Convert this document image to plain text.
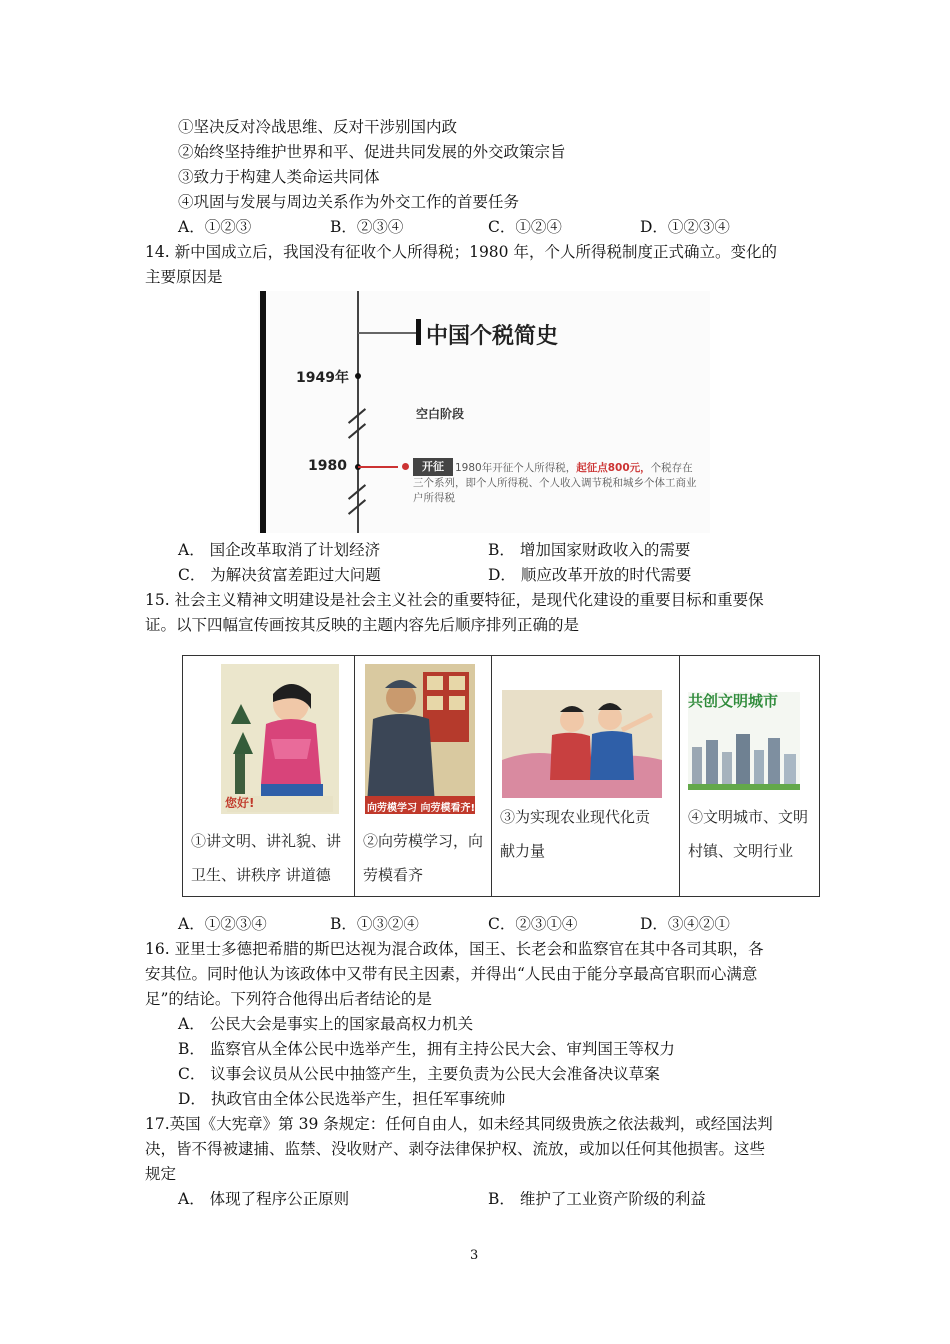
①坚决反对冷战思维、反对干涉别国内政
②始终坚持维护世界和平、促进共同发展的外交政策宗旨
③致力于构建人类命运共同体
④巩固与发展与周边关系作为外交工作的首要任务
A．①②③	B．②③④	C．①②④	D．①②③④
14. 新中国成立后，我国没有征收个人所得税；1980 年，个人所得税制度正式确立。变化的
主要原因是
中国个税简史
1949年
空白阶段
1980	1980年开征个人所得税，起征点800元，个税存在三个系列，即个人所得税、个人收入调节税和城乡个体工商业户所得税
开征
A． 国企改革取消了计划经济	B． 增加国家财政收入的需要
C． 为解决贫富差距过大问题	D． 顺应改革开放的时代需要
15. 社会主义精神文明建设是社会主义社会的重要特征，是现代化建设的重要目标和重要保
证。以下四幅宣传画按其反映的主题内容先后顺序排列正确的是
您好!
①讲文明、讲礼貌、讲
卫生、讲秩序 讲道德
向劳模学习 向劳模看齐!
②向劳模学习，向
劳模看齐
③为实现农业现代化贡
献力量
共创文明城市
④文明城市、文明
村镇、文明行业
A．①②③④	B．①③②④	C．②③①④	D．③④②①
16. 亚里士多德把希腊的斯巴达视为混合政体，国王、长老会和监察官在其中各司其职，各
安其位。同时他认为该政体中又带有民主因素，并得出“人民由于能分享最高官职而心满意
足”的结论。下列符合他得出后者结论的是
A． 公民大会是事实上的国家最高权力机关
B． 监察官从全体公民中选举产生，拥有主持公民大会、审判国王等权力
C． 议事会议员从公民中抽签产生，主要负责为公民大会准备决议草案
D． 执政官由全体公民选举产生，担任军事统帅
17.英国《大宪章》第 39 条规定：任何自由人，如未经其同级贵族之依法裁判，或经国法判
决，皆不得被逮捕、监禁、没收财产、剥夺法律保护权、流放，或加以任何其他损害。这些
规定
A． 体现了程序公正原则	B． 维护了工业资产阶级的利益
3
